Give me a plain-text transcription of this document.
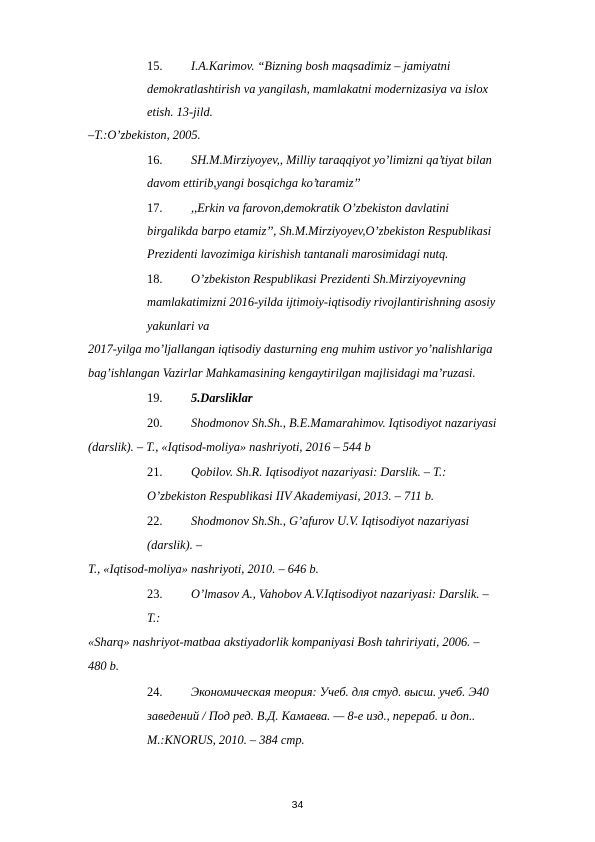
15. I.A.Karimov. “Bizning bosh maqsadimiz – jamiyatni
demokratlashtirish va yangilash, mamlakatni modernizasiya va islox
etish. 13-jild.
–T.:O’zbekiston, 2005.
16. SH.M.Mirziyoyev,, Milliy taraqqiyot yo’limizni qa’tiyat bilan
davom ettirib,yangi bosqichga ko’taramiz’’
17. ,,Erkin va farovon,demokratik O’zbekiston davlatini
birgalikda barpo etamiz’’, Sh.M.Mirziyoyev,O’zbekiston Respublikasi
Prezidenti lavozimiga kirishish tantanali marosimidagi nutq.
18. O’zbekiston Respublikasi Prezidenti Sh.Mirziyoyevning
mamlakatimizni 2016-yilda ijtimoiy-iqtisodiy rivojlantirishning asosiy
yakunlari va
2017-yilga mo’ljallangan iqtisodiy dasturning eng muhim ustivor yo’nalishlariga
bag’ishlangan Vazirlar Mahkamasining kengaytirilgan majlisidagi ma’ruzasi.
19. 5.Darsliklar
20. Shodmonov Sh.Sh., B.E.Mamarahimov. Iqtisodiyot nazariyasi
(darslik). – T., «Iqtisod-moliya» nashriyoti, 2016 – 544 b
21. Qobilov. Sh.R. Iqtisodiyot nazariyasi: Darslik. – T.:
O’zbekiston Respublikasi IIV Akademiyasi, 2013. – 711 b.
22. Shodmonov Sh.Sh., G’afurov U.V. Iqtisodiyot nazariyasi
(darslik). –
T., «Iqtisod-moliya» nashriyoti, 2010. – 646 b.
23. O’lmasov A., Vahobov A.V.Iqtisodiyot nazariyasi: Darslik. –
T.:
«Sharq» nashriyot-matbaa akstiyadorlik kompaniyasi Bosh tahririyati, 2006. –
480 b.
24. Экономическая теория: Учеб. для студ. высш. учеб. Э40
заведений / Под ред. В.Д. Камаева. — 8-е изд., перераб. и доп..
М.:KNORUS, 2010. – 384 стр.
34
